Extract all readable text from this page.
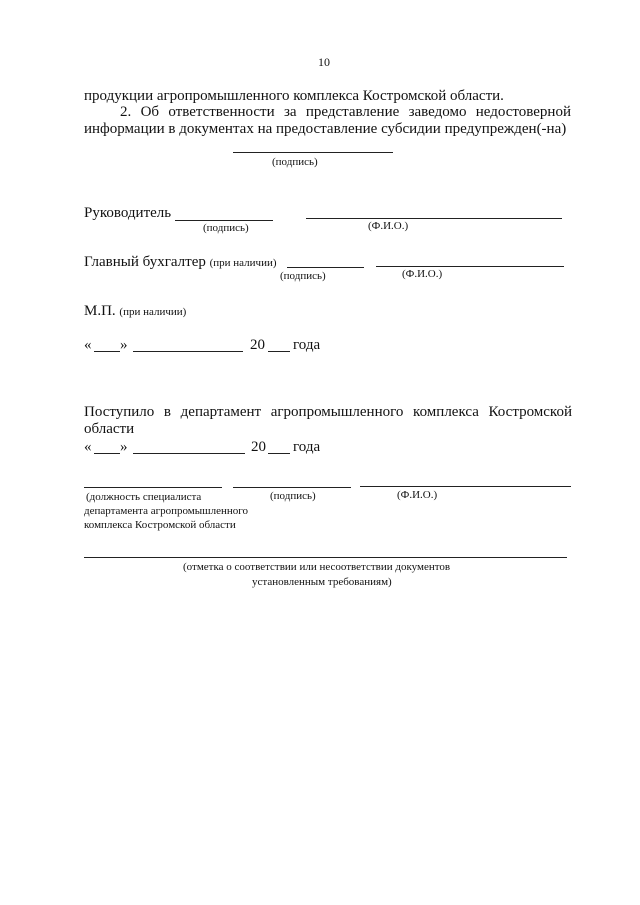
10
продукции агропромышленного комплекса Костромской области.
2. Об ответственности за представление заведомо недостоверной
информации в документах на предоставление субсидии предупрежден(-на)
(подпись)
Руководитель
(подпись)	(Ф.И.О.)
Главный бухгалтер (при наличии)
(подпись)	(Ф.И.О.)
М.П. (при наличии)
« »	20 года
Поступило в департамент агропромышленного комплекса Костромской
области
« »	20 года
(должность специалиста
департамента агропромышленного
комплекса Костромской области
(подпись)	(Ф.И.О.)
(отметка о соответствии или несоответствии документов
установленным требованиям)
